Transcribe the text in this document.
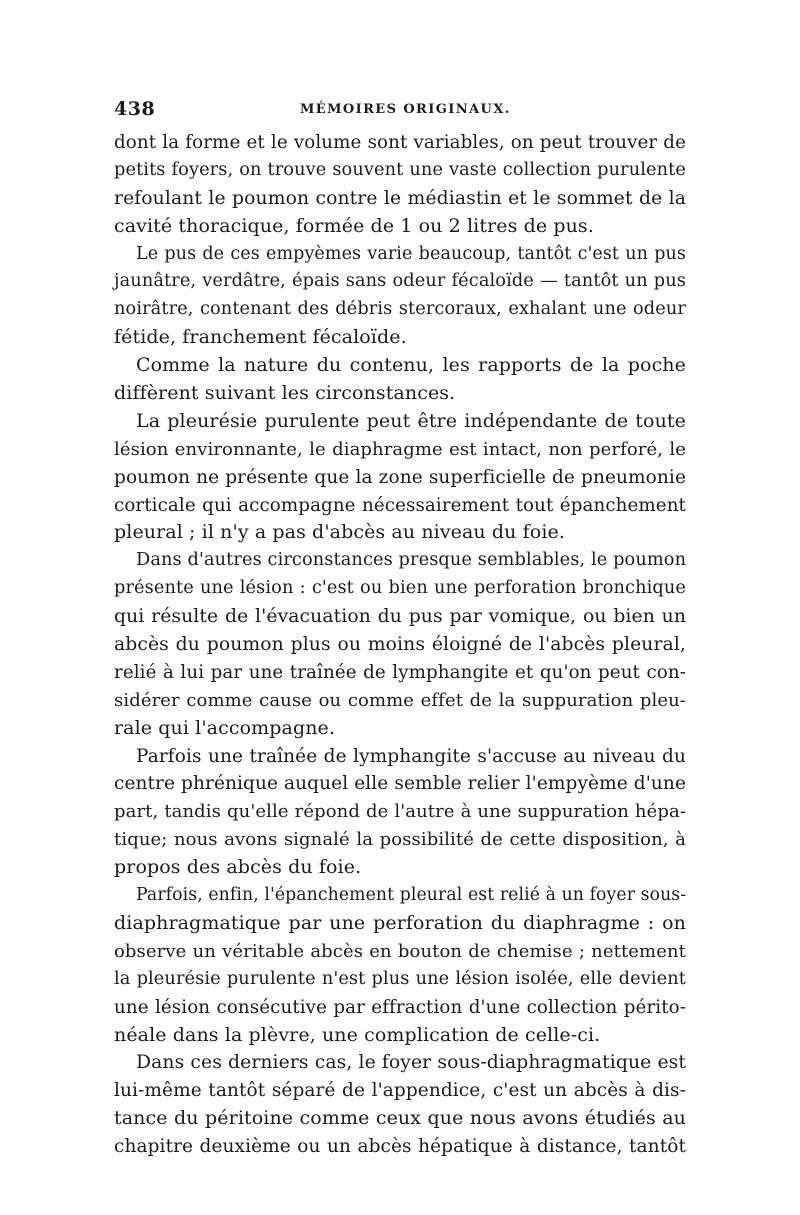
438	MÉMOIRES ORIGINAUX.
dont la forme et le volume sont variables, on peut trouver de
petits foyers, on trouve souvent une vaste collection purulente
refoulant le poumon contre le médiastin et le sommet de la
cavité thoracique, formée de 1 ou 2 litres de pus.
Le pus de ces empyèmes varie beaucoup, tantôt c'est un pus
jaunâtre, verdâtre, épais sans odeur fécaloïde — tantôt un pus
noirâtre, contenant des débris stercoraux, exhalant une odeur
fétide, franchement fécaloïde.
Comme la nature du contenu, les rapports de la poche
diffèrent suivant les circonstances.
La pleurésie purulente peut être indépendante de toute
lésion environnante, le diaphragme est intact, non perforé, le
poumon ne présente que la zone superficielle de pneumonie
corticale qui accompagne nécessairement tout épanchement
pleural ; il n'y a pas d'abcès au niveau du foie.
Dans d'autres circonstances presque semblables, le poumon
présente une lésion : c'est ou bien une perforation bronchique
qui résulte de l'évacuation du pus par vomique, ou bien un
abcès du poumon plus ou moins éloigné de l'abcès pleural,
relié à lui par une traînée de lymphangite et qu'on peut con-
sidérer comme cause ou comme effet de la suppuration pleu-
rale qui l'accompagne.
Parfois une traînée de lymphangite s'accuse au niveau du
centre phrénique auquel elle semble relier l'empyème d'une
part, tandis qu'elle répond de l'autre à une suppuration hépa-
tique; nous avons signalé la possibilité de cette disposition, à
propos des abcès du foie.
Parfois, enfin, l'épanchement pleural est relié à un foyer sous-
diaphragmatique par une perforation du diaphragme : on
observe un véritable abcès en bouton de chemise ; nettement
la pleurésie purulente n'est plus une lésion isolée, elle devient
une lésion consécutive par effraction d'une collection périto-
néale dans la plèvre, une complication de celle-ci.
Dans ces derniers cas, le foyer sous-diaphragmatique est
lui-même tantôt séparé de l'appendice, c'est un abcès à dis-
tance du péritoine comme ceux que nous avons étudiés au
chapitre deuxième ou un abcès hépatique à distance, tantôt
